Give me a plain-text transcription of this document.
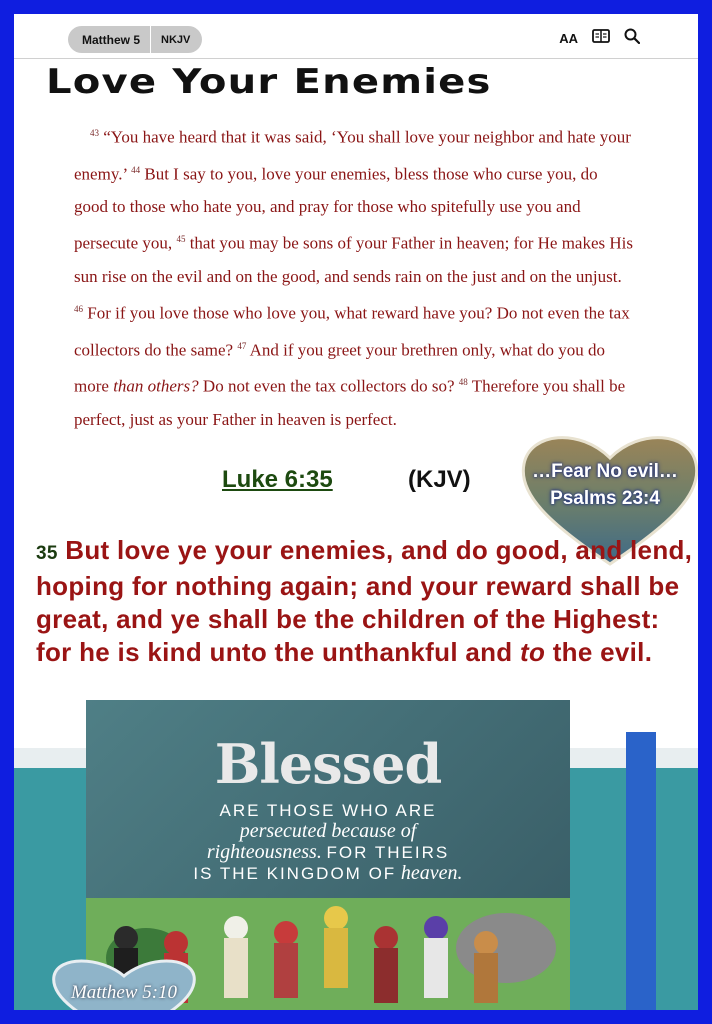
Matthew 5	NKJV	AA
Love Your Enemies
$^{43}$ “You have heard that it was said, ‘You shall love your neighbor and hate your enemy.’ $^{44}$ But I say to you, love your enemies, bless those who curse you, do good to those who hate you, and pray for those who spitefully use you and persecute you, $^{45}$ that you may be sons of your Father in heaven; for He makes His sun rise on the evil and on the good, and sends rain on the just and on the unjust. $^{46}$ For if you love those who love you, what reward have you? Do not even the tax collectors do the same? $^{47}$ And if you greet your brethren only, what do you do more than others? Do not even the tax collectors do so? $^{48}$ Therefore you shall be perfect, just as your Father in heaven is perfect.
Luke 6:35	(KJV)	…Fear No evil…
Psalms 23:4
35 But love ye your enemies, and do good, and lend, hoping for nothing again; and your reward shall be great, and ye shall be the children of the Highest: for he is kind unto the unthankful and to the evil.
Blessed
ARE THOSE WHO ARE
persecuted because of
righteousness. FOR THEIRS
IS THE KINGDOM OF heaven.
Matthew 5:10
